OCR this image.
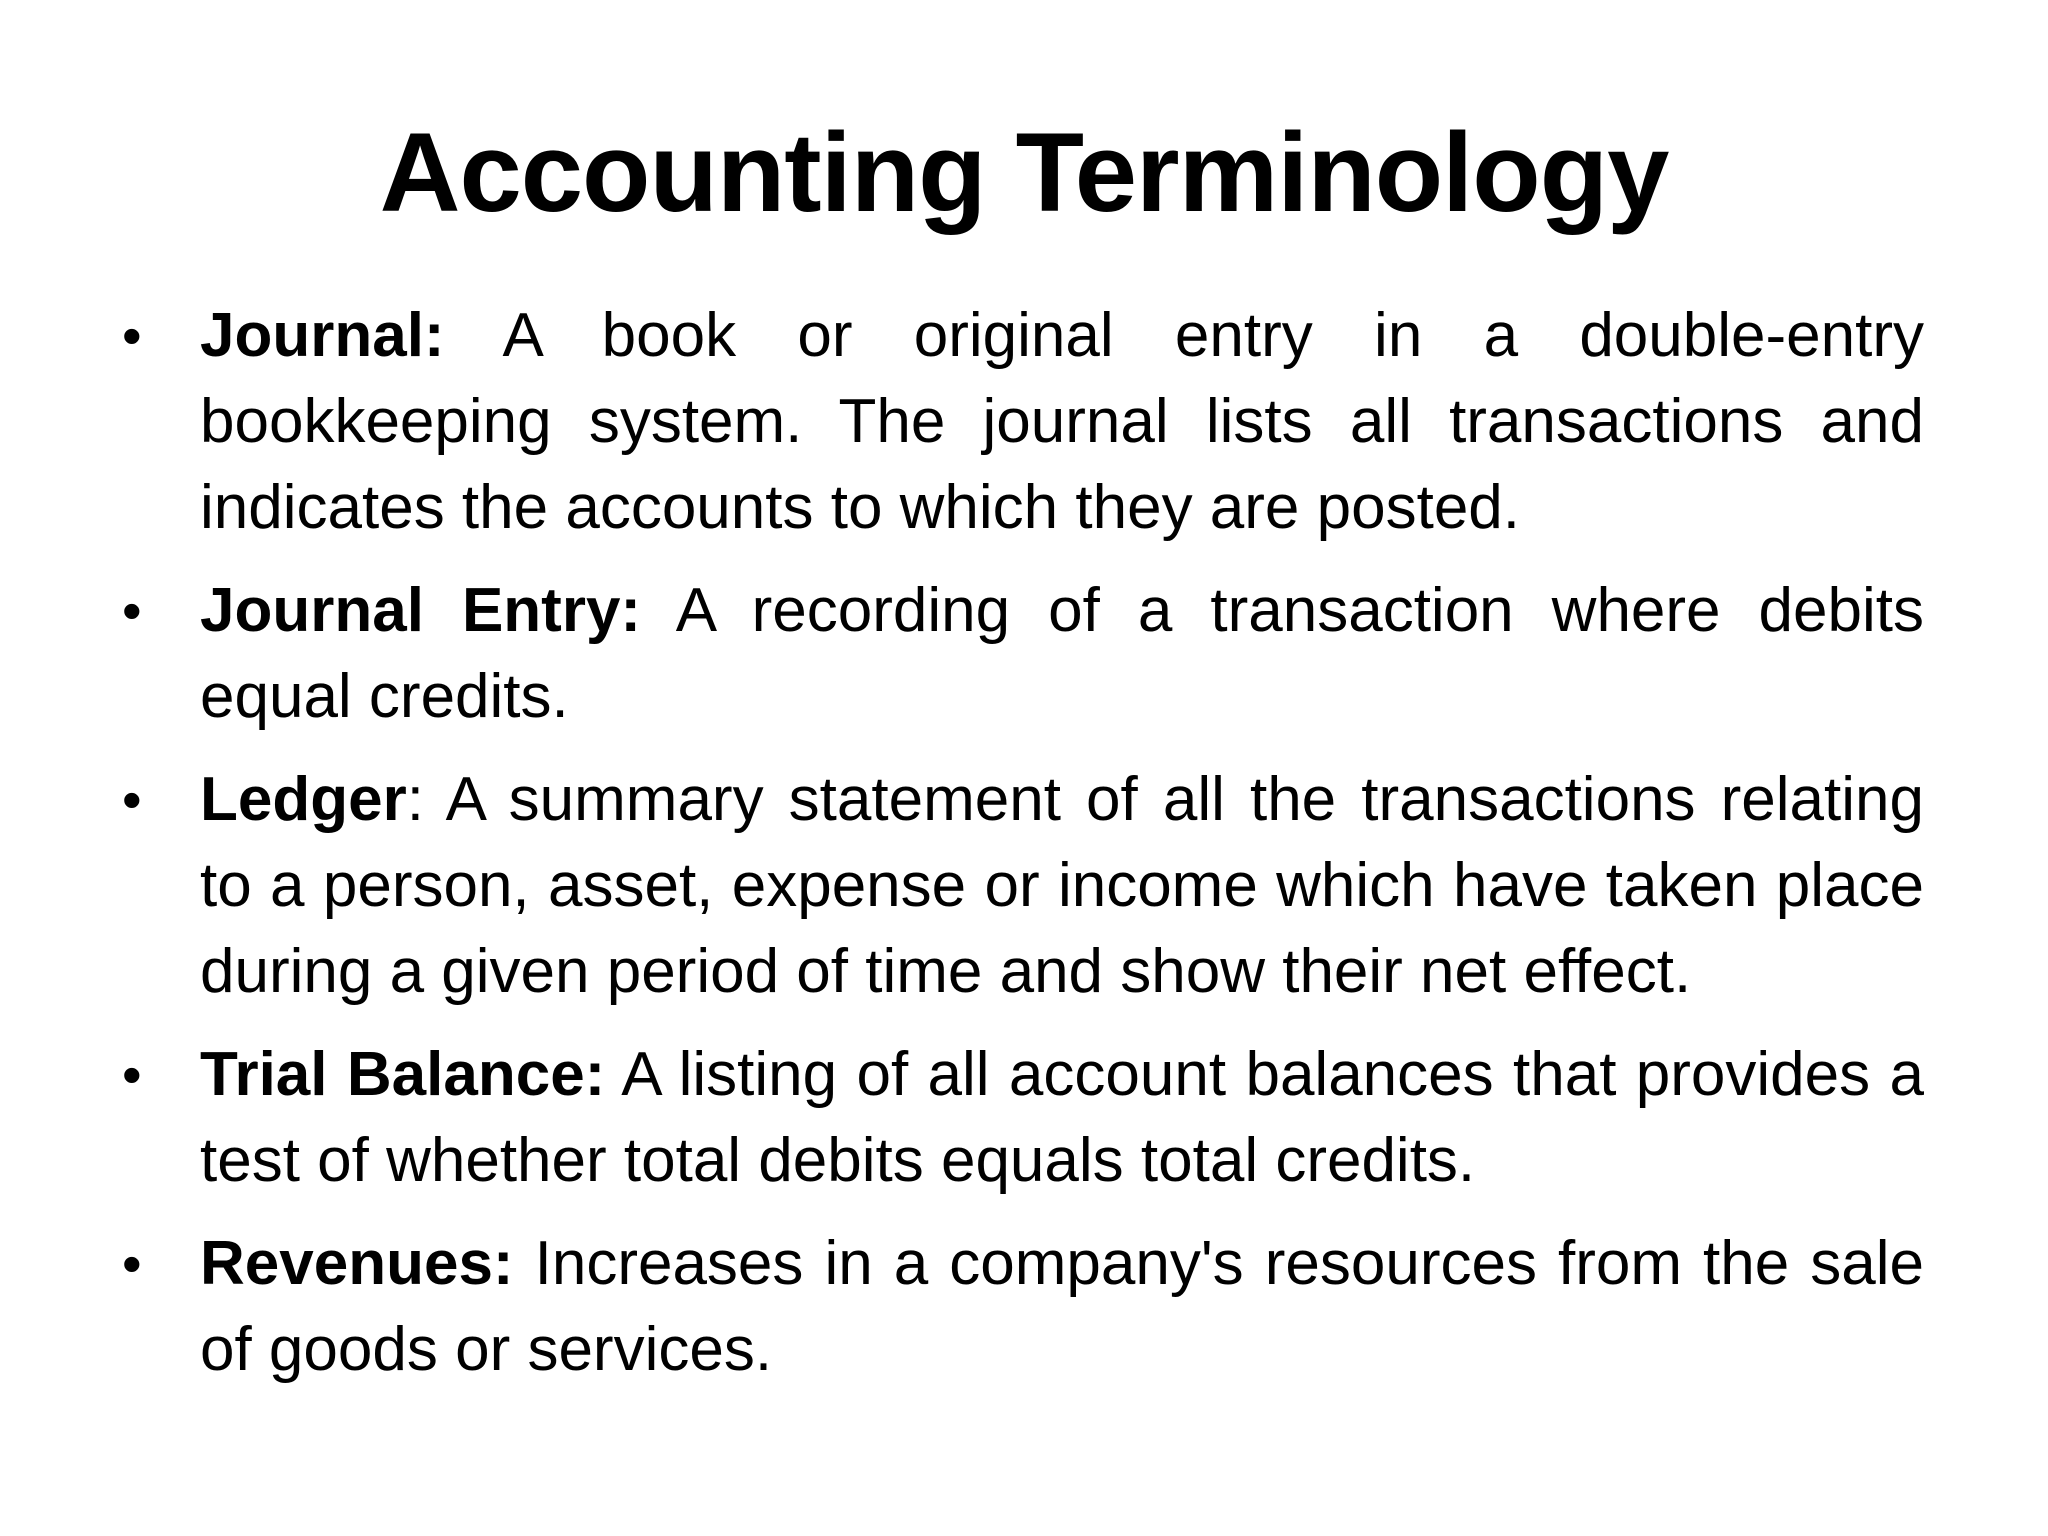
Accounting Terminology
• Journal: A book or original entry in a double-entry bookkeeping system. The journal lists all transactions and indicates the accounts to which they are posted.
• Journal Entry: A recording of a transaction where debits equal credits.
• Ledger: A summary statement of all the transactions relating to a person, asset, expense or income which have taken place during a given period of time and show their net effect.
• Trial Balance: A listing of all account balances that provides a test of whether total debits equals total credits.
• Revenues: Increases in a company's resources from the sale of goods or services.
